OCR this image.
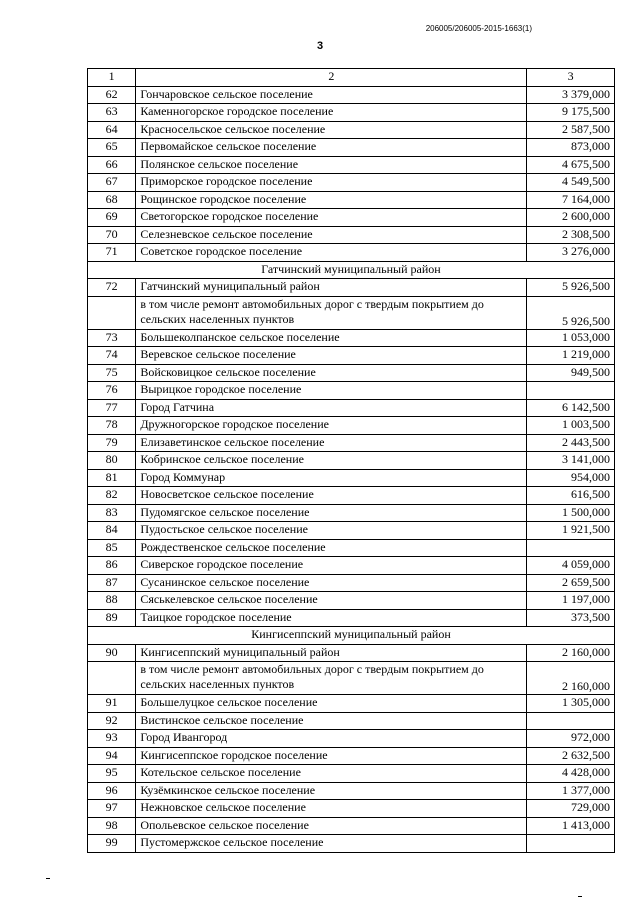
206005/206005-2015-1663(1)
3
1	2	3
62	Гончаровское сельское поселение	3 379,000
63	Каменногорское городское поселение	9 175,500
64	Красносельское сельское поселение	2 587,500
65	Первомайское сельское поселение	873,000
66	Полянское сельское поселение	4 675,500
67	Приморское городское поселение	4 549,500
68	Рощинское городское поселение	7 164,000
69	Светогорское городское поселение	2 600,000
70	Селезневское сельское поселение	2 308,500
71	Советское городское поселение	3 276,000
Гатчинский муниципальный район		
72	Гатчинский муниципальный район	5 926,500
	в том числе ремонт автомобильных дорог с твердым покрытием до сельских населенных пунктов	5 926,500
73	Большеколпанское сельское поселение	1 053,000
74	Веревское сельское поселение	1 219,000
75	Войсковицкое сельское поселение	949,500
76	Вырицкое городское поселение	
77	Город Гатчина	6 142,500
78	Дружногорское городское поселение	1 003,500
79	Елизаветинское сельское поселение	2 443,500
80	Кобринское сельское поселение	3 141,000
81	Город Коммунар	954,000
82	Новосветское сельское поселение	616,500
83	Пудомягское сельское поселение	1 500,000
84	Пудостьское сельское поселение	1 921,500
85	Рождественское сельское поселение	
86	Сиверское городское поселение	4 059,000
87	Сусанинское сельское поселение	2 659,500
88	Сяськелевское сельское поселение	1 197,000
89	Таицкое городское поселение	373,500
Кингисеппский муниципальный район		
90	Кингисеппский муниципальный район	2 160,000
	в том числе ремонт автомобильных дорог с твердым покрытием до сельских населенных пунктов	2 160,000
91	Большелуцкое сельское поселение	1 305,000
92	Вистинское сельское поселение	
93	Город Ивангород	972,000
94	Кингисеппское городское поселение	2 632,500
95	Котельское сельское поселение	4 428,000
96	Кузёмкинское сельское поселение	1 377,000
97	Нежновское сельское поселение	729,000
98	Опольевское сельское поселение	1 413,000
99	Пустомержское сельское поселение	
